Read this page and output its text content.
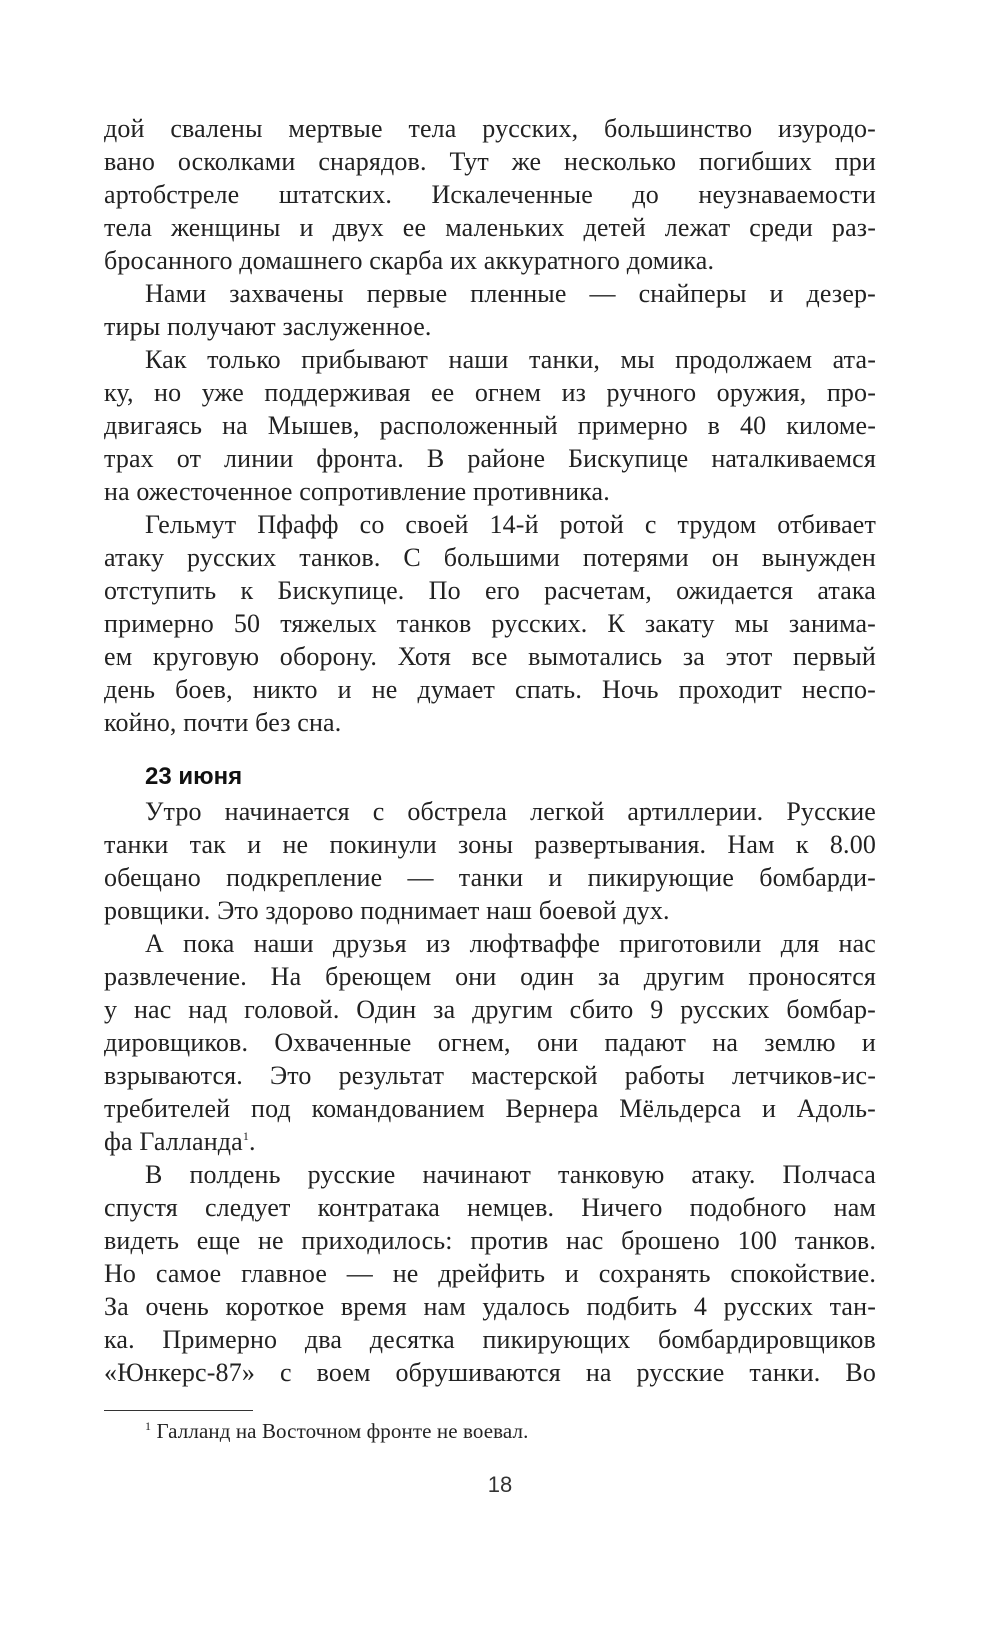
дой свалены мертвые тела русских, большинство изуродо-
вано осколками снарядов. Тут же несколько погибших при
артобстреле штатских. Искалеченные до неузнаваемости
тела женщины и двух ее маленьких детей лежат среди раз-
бросанного домашнего скарба их аккуратного домика.
Нами захвачены первые пленные — снайперы и дезер-
тиры получают заслуженное.
Как только прибывают наши танки, мы продолжаем ата-
ку, но уже поддерживая ее огнем из ручного оружия, про-
двигаясь на Мышев, расположенный примерно в 40 киломе-
трах от линии фронта. В районе Бискупице наталкиваемся
на ожесточенное сопротивление противника.
Гельмут Пфафф со своей 14-й ротой с трудом отбивает
атаку русских танков. С большими потерями он вынужден
отступить к Бискупице. По его расчетам, ожидается атака
примерно 50 тяжелых танков русских. К закату мы занима-
ем круговую оборону. Хотя все вымотались за этот первый
день боев, никто и не думает спать. Ночь проходит неспо-
койно, почти без сна.
23 июня
Утро начинается с обстрела легкой артиллерии. Русские
танки так и не покинули зоны развертывания. Нам к 8.00
обещано подкрепление — танки и пикирующие бомбарди-
ровщики. Это здорово поднимает наш боевой дух.
А пока наши друзья из люфтваффе приготовили для нас
развлечение. На бреющем они один за другим проносятся
у нас над головой. Один за другим сбито 9 русских бомбар-
дировщиков. Охваченные огнем, они падают на землю и
взрываются. Это результат мастерской работы летчиков-ис-
требителей под командованием Вернера Мёльдерса и Адоль-
фа Галланда$^1$.
В полдень русские начинают танковую атаку. Полчаса
спустя следует контратака немцев. Ничего подобного нам
видеть еще не приходилось: против нас брошено 100 танков.
Но самое главное — не дрейфить и сохранять спокойствие.
За очень короткое время нам удалось подбить 4 русских тан-
ка. Примерно два десятка пикирующих бомбардировщиков
«Юнкерс-87» с воем обрушиваются на русские танки. Во
$^1$ Галланд на Восточном фронте не воевал.
18
